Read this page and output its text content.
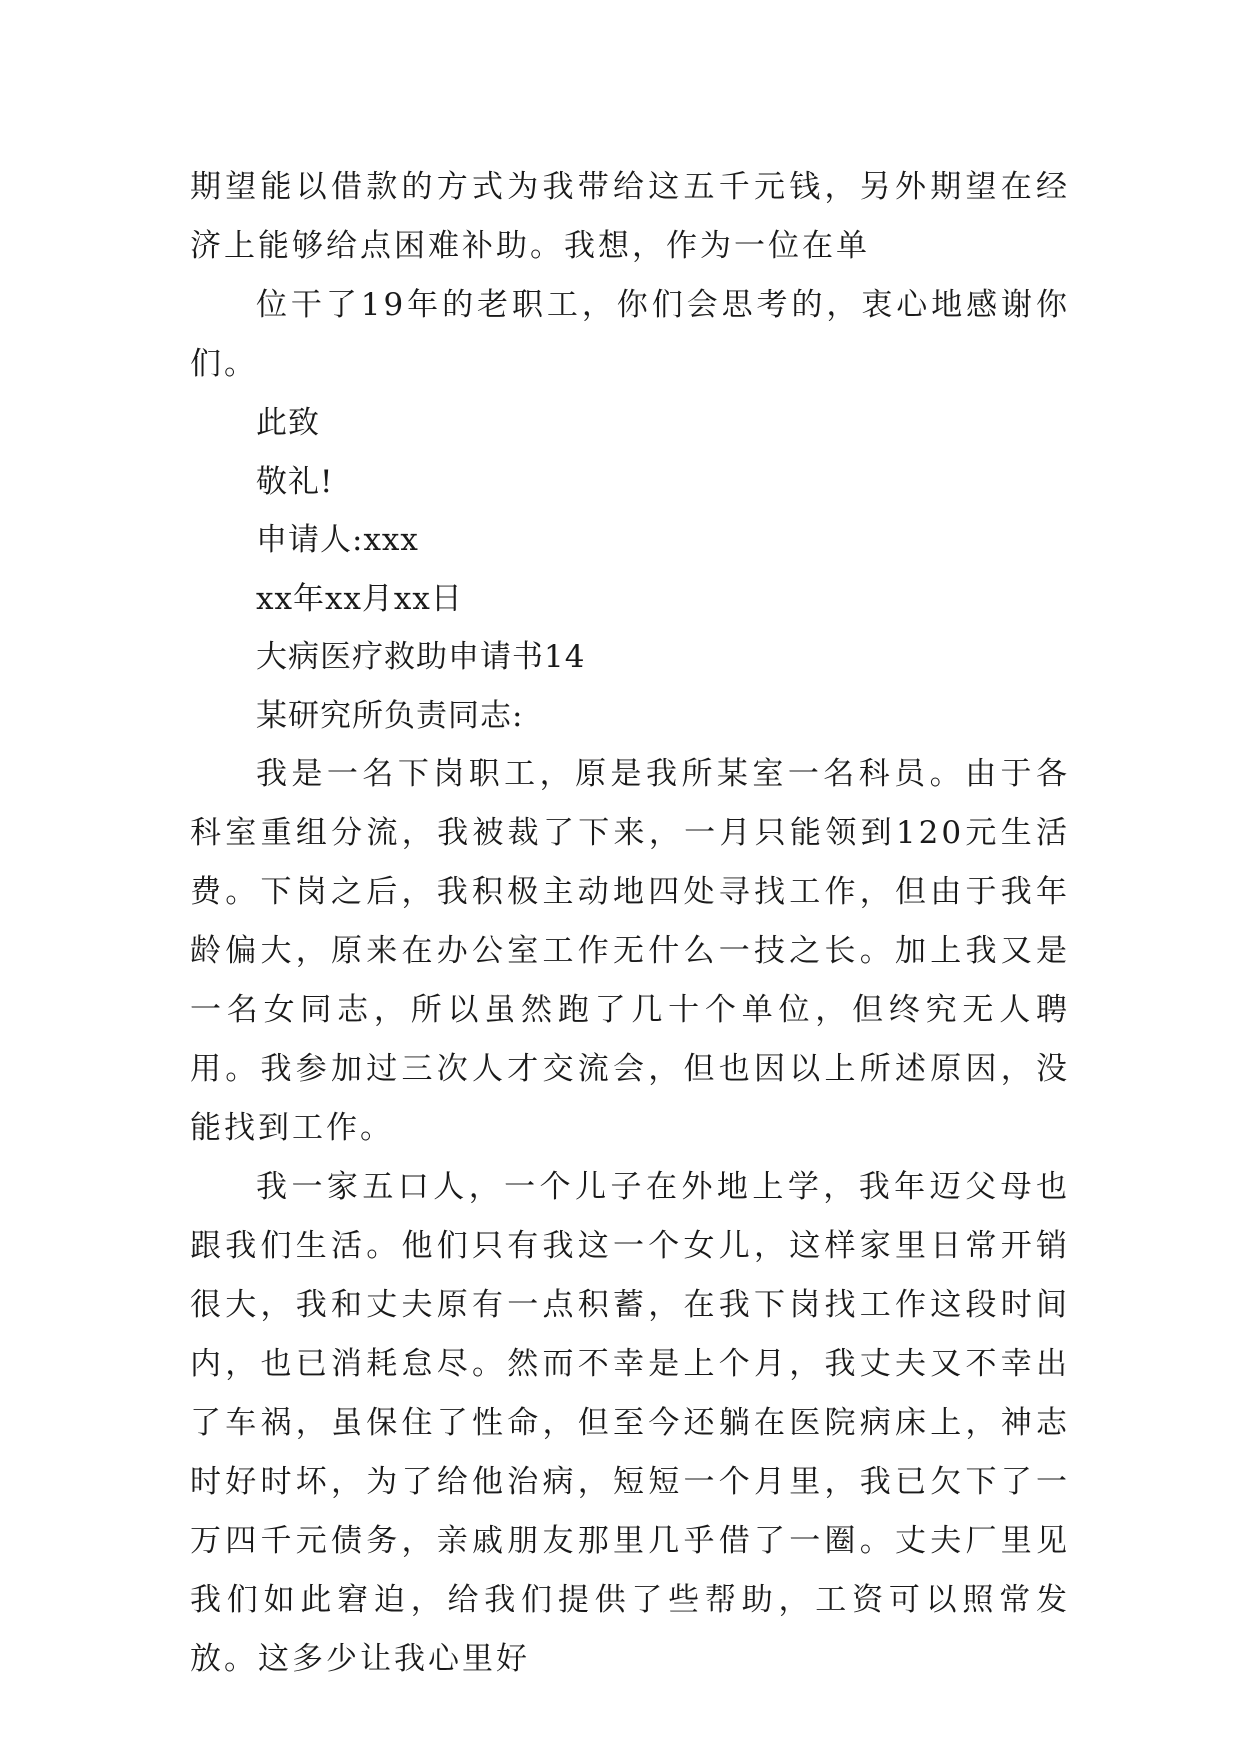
期望能以借款的方式为我带给这五千元钱，另外期望在经济上能够给点困难补助。我想，作为一位在单

位干了19年的老职工，你们会思考的，衷心地感谢你们。

此致

敬礼!

申请人:xxx

xx年xx月xx日

大病医疗救助申请书14

某研究所负责同志:

我是一名下岗职工，原是我所某室一名科员。由于各科室重组分流，我被裁了下来，一月只能领到120元生活费。下岗之后，我积极主动地四处寻找工作，但由于我年龄偏大，原来在办公室工作无什么一技之长。加上我又是一名女同志，所以虽然跑了几十个单位，但终究无人聘用。我参加过三次人才交流会，但也因以上所述原因，没能找到工作。

我一家五口人，一个儿子在外地上学，我年迈父母也跟我们生活。他们只有我这一个女儿，这样家里日常开销很大，我和丈夫原有一点积蓄，在我下岗找工作这段时间内，也已消耗怠尽。然而不幸是上个月，我丈夫又不幸出了车祸，虽保住了性命，但至今还躺在医院病床上，神志时好时坏，为了给他治病，短短一个月里，我已欠下了一万四千元债务，亲戚朋友那里几乎借了一圈。丈夫厂里见我们如此窘迫，给我们提供了些帮助，工资可以照常发放。这多少让我心里好
